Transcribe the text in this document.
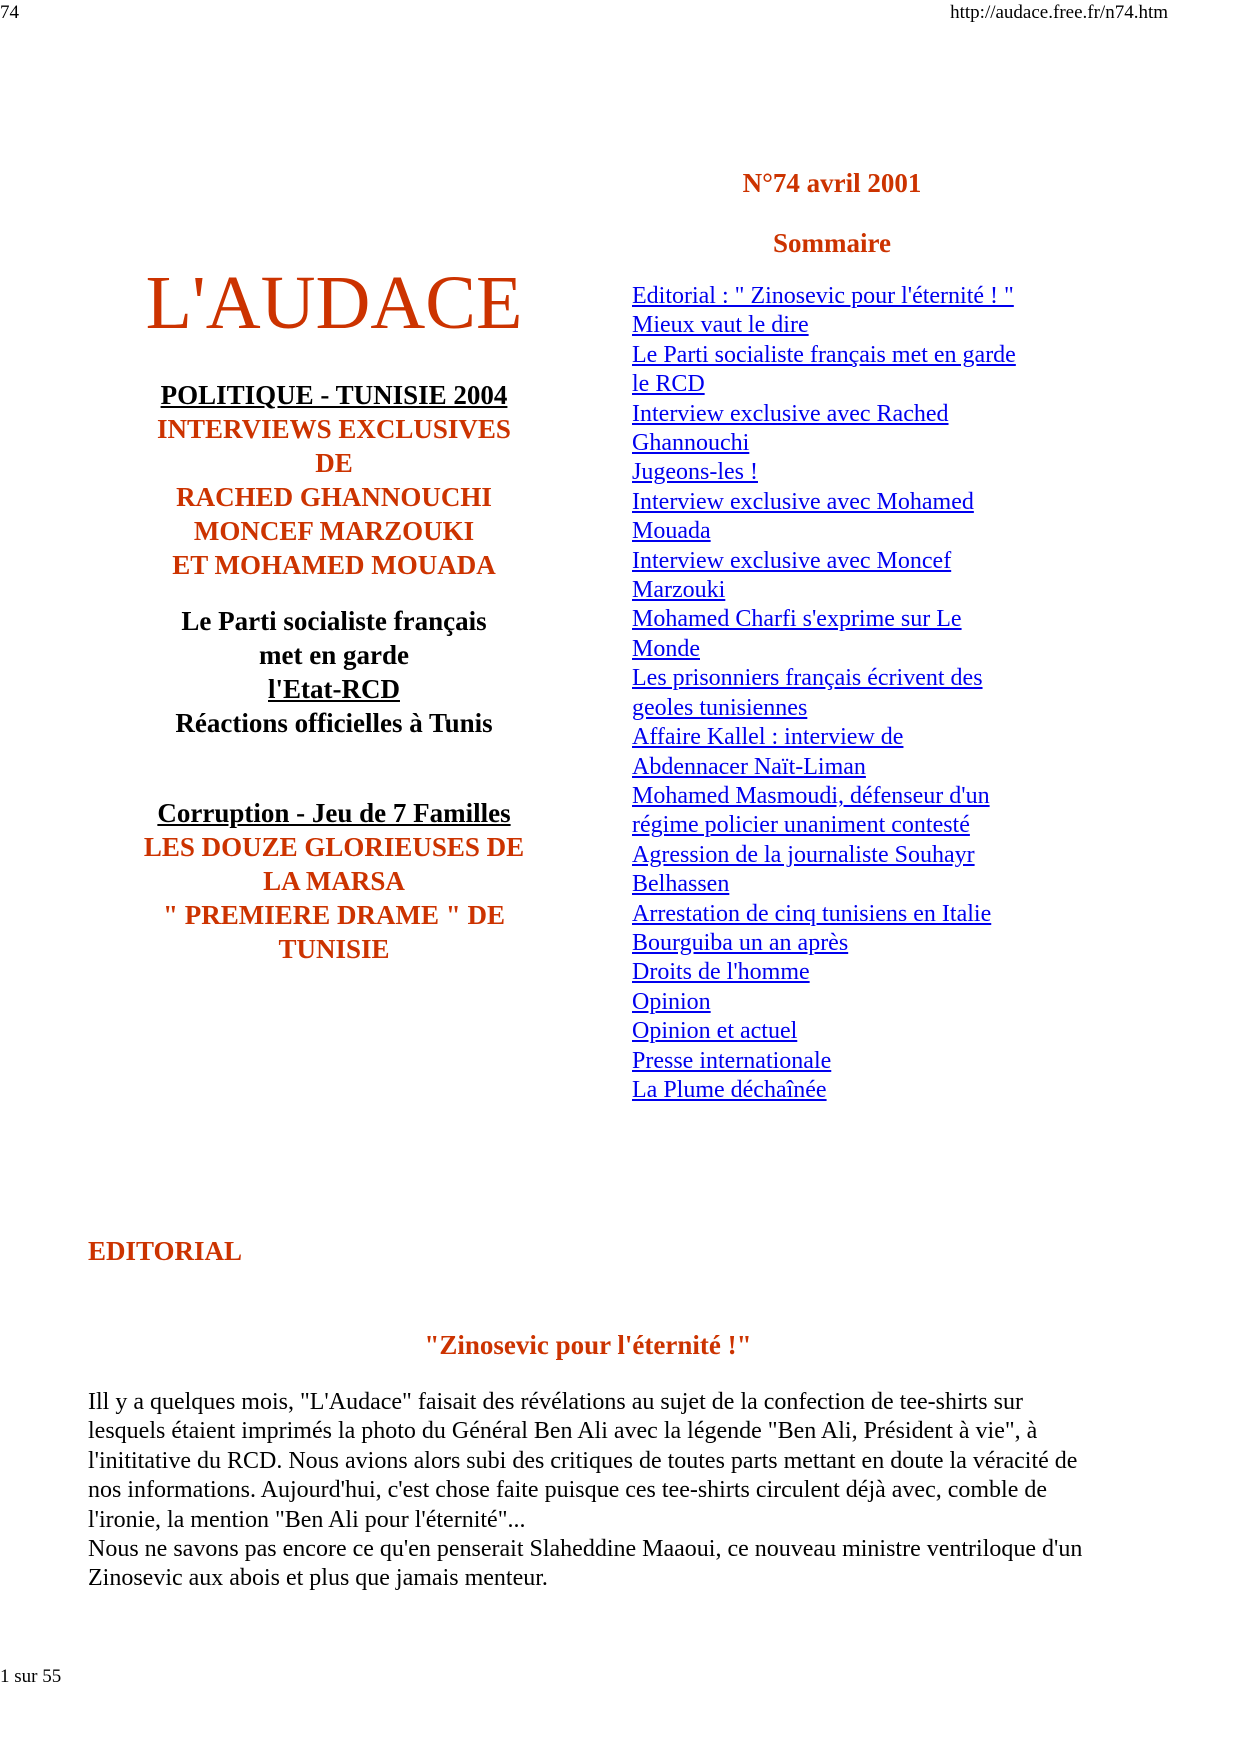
74	http://audace.free.fr/n74.htm
L'AUDACE
POLITIQUE - TUNISIE 2004
INTERVIEWS EXCLUSIVES
DE
RACHED GHANNOUCHI
MONCEF MARZOUKI
ET MOHAMED MOUADA
Le Parti socialiste français
met en garde
l'Etat-RCD
Réactions officielles à Tunis
Corruption - Jeu de 7 Familles
LES DOUZE GLORIEUSES DE
LA MARSA
" PREMIERE DRAME " DE
TUNISIE
N°74 avril 2001
Sommaire
Editorial : " Zinosevic pour l'éternité ! "
Mieux vaut le dire
Le Parti socialiste français met en garde
le RCD
Interview exclusive avec Rached
Ghannouchi
Jugeons-les !
Interview exclusive avec Mohamed
Mouada
Interview exclusive avec Moncef
Marzouki
Mohamed Charfi s'exprime sur Le
Monde
Les prisonniers français écrivent des
geoles tunisiennes
Affaire Kallel : interview de
Abdennacer Naït-Liman
Mohamed Masmoudi, défenseur d'un
régime policier unaniment contesté
Agression de la journaliste Souhayr
Belhassen
Arrestation de cinq tunisiens en Italie
Bourguiba un an après
Droits de l'homme
Opinion
Opinion et actuel
Presse internationale
La Plume déchaînée
EDITORIAL
"Zinosevic pour l'éternité !"

Ill y a quelques mois, "L'Audace" faisait des révélations au sujet de la confection de tee-shirts sur lesquels étaient imprimés la photo du Général Ben Ali avec la légende "Ben Ali, Président à vie", à l'inititative du RCD. Nous avions alors subi des critiques de toutes parts mettant en doute la véracité de nos informations. Aujourd'hui, c'est chose faite puisque ces tee-shirts circulent déjà avec, comble de l'ironie, la mention "Ben Ali pour l'éternité"...

Nous ne savons pas encore ce qu'en penserait Slaheddine Maaoui, ce nouveau ministre ventriloque d'un Zinosevic aux abois et plus que jamais menteur.

1 sur 55
